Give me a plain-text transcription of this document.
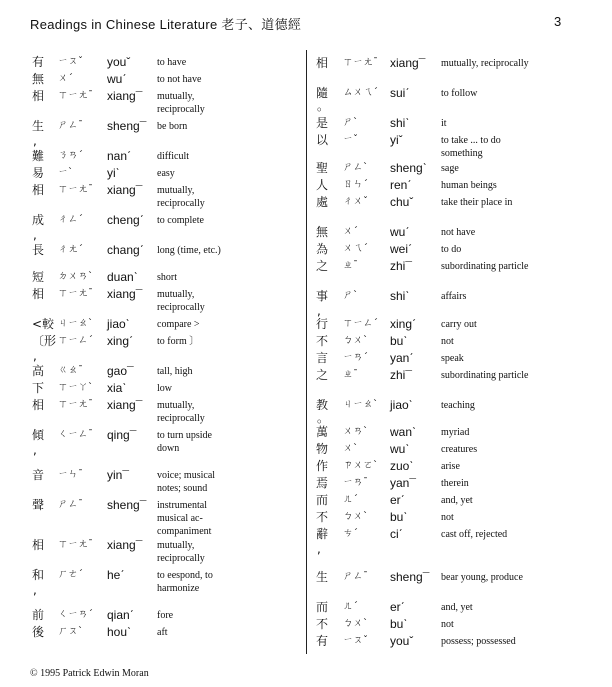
Readings in Chinese Literature 老子、道德經	3
有 ㄧㄡˇ youˇ	to have
無 ㄨˊ	wuˊ	to not have
相 ㄒㄧㄤ¯ xiang¯ mutually, reciprocally
生 ㄕㄥ¯ sheng¯ be born
,
難 ㄋㄢˊ nanˊ	difficult
易 ㄧˋ	yiˋ	easy
相 ㄒㄧㄤ¯ xiang¯ mutually, reciprocally
成 ㄔㄥˊ chengˊ to complete
,
長 ㄔㄤˊ changˊ long (time, etc.)
短 ㄉㄨㄢˋ duanˋ short
相 ㄒㄧㄤ¯ xiang¯ mutually, reciprocally
<較 ㄐㄧㄠˋ jiaoˋ	compare >
〔形 ㄒㄧㄥˊ xingˊ to form 〕
,
高 ㄍㄠ¯ gao¯ tall, high
下 ㄒㄧㄚˋ xiaˋ	low
相 ㄒㄧㄤ¯ xiang¯ mutually, reciprocally
傾 ㄑㄧㄥ¯ qing¯ to turn upside down
,
音 ㄧㄣ¯ yin¯	voice; musical notes; sound
聲 ㄕㄥ¯ sheng¯ instrumental musical ac- companiment
相 ㄒㄧㄤ¯ xiang¯ mutually, reciprocally
和 ㄏㄜˊ heˊ	to eespond, to harmonize
,
前 ㄑㄧㄢˊ qianˊ fore
後 ㄏㄡˋ houˋ	aft
相 ㄒㄧㄤ¯ xiang¯ mutually, reciprocally
隨 ㄙㄨㄟˊ suiˊ	to follow
。
是 ㄕˋ	shiˋ	it
以 ㄧˇ	yiˇ	to take ... to do something
聖 ㄕㄥˋ shengˋ sage
人 ㄖㄣˊ renˊ	human beings
處 ㄔㄨˇ chuˇ	take their place in
無 ㄨˊ	wuˊ	not have
為 ㄨㄟˊ weiˊ	to do
之 ㄓ¯	zhi¯	subordinating particle
事 ㄕˋ	shiˋ	affairs
,
行 ㄒㄧㄥˊ xingˊ carry out
不 ㄅㄨˋ buˋ	not
言 ㄧㄢˊ yanˊ	speak
之 ㄓ¯	zhi¯	subordinating particle
教 ㄐㄧㄠˋ jiaoˋ	teaching
。
萬 ㄨㄢˋ wanˋ myriad
物 ㄨˋ	wuˋ	creatures
作 ㄗㄨㄛˋ zuoˋ	arise
焉 ㄧㄢ¯ yan¯	therein
而 ㄦˊ	erˊ	and, yet
不 ㄅㄨˋ buˋ	not
辭 ㄘˊ	ciˊ	cast off, rejected
,
生 ㄕㄥ¯ sheng¯ bear young, produce
而 ㄦˊ	erˊ	and, yet
不 ㄅㄨˋ buˋ	not
有 ㄧㄡˇ youˇ	possess; possessed
© 1995 Patrick Edwin Moran
